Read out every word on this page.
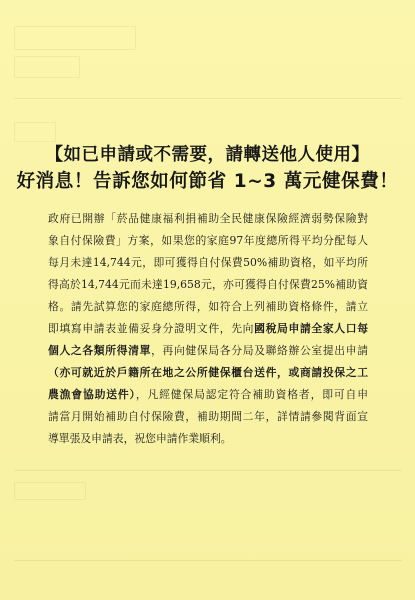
【如已申請或不需要，請轉送他人使用】
好消息！告訴您如何節省 1~3 萬元健保費！
政府已開辦「菸品健康福利捐補助全民健康保險經濟弱勢保險對
象自付保險費」方案，如果您的家庭97年度總所得平均分配每人
每月未達14,744元，即可獲得自付保費50%補助資格，如平均所
得高於14,744元而未達19,658元，亦可獲得自付保費25%補助資
格。請先試算您的家庭總所得，如符合上列補助資格條件，請立
即填寫申請表並備妥身分證明文件，先向國稅局申請全家人口每
個人之各類所得清單，再向健保局各分局及聯絡辦公室提出申請
（亦可就近於戶籍所在地之公所健保櫃台送件，或商請投保之工
農漁會協助送件），凡經健保局認定符合補助資格者，即可自申
請當月開始補助自付保險費，補助期間二年，詳情請參閱背面宣
導單張及申請表，祝您申請作業順利。
